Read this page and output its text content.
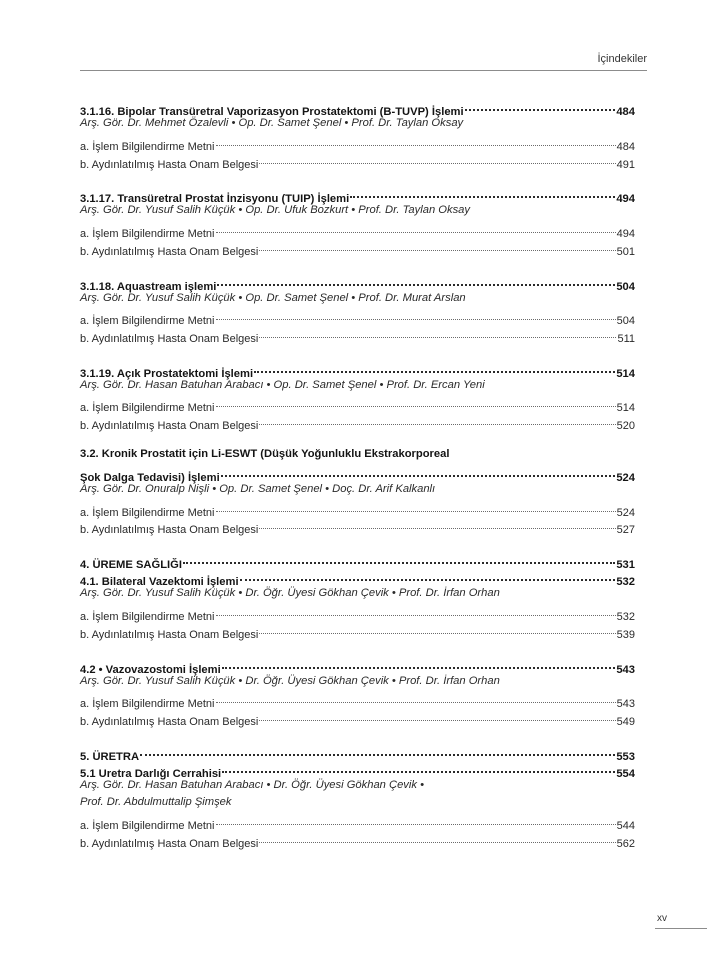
İçindekiler
3.1.16. Bipolar Transüretral Vaporizasyon Prostatektomi (B-TUVP) İşlemi	484
Arş. Gör. Dr. Mehmet Özalevli • Op. Dr. Samet Şenel • Prof. Dr. Taylan Oksay
a. İşlem Bilgilendirme Metni	484
b. Aydınlatılmış Hasta Onam Belgesi	491
3.1.17. Transüretral Prostat İnzisyonu (TUIP) İşlemi	494
Arş. Gör. Dr. Yusuf Salih Küçük • Op. Dr. Ufuk Bozkurt • Prof. Dr. Taylan Oksay
a. İşlem Bilgilendirme Metni	494
b. Aydınlatılmış Hasta Onam Belgesi	501
3.1.18. Aquastream işlemi	504
Arş. Gör. Dr. Yusuf Salih Küçük • Op. Dr. Samet Şenel • Prof. Dr. Murat Arslan
a. İşlem Bilgilendirme Metni	504
b. Aydınlatılmış Hasta Onam Belgesi	511
3.1.19. Açık Prostatektomi İşlemi	514
Arş. Gör. Dr. Hasan Batuhan Arabacı • Op. Dr. Samet Şenel • Prof. Dr. Ercan Yeni
a. İşlem Bilgilendirme Metni	514
b. Aydınlatılmış Hasta Onam Belgesi	520
3.2. Kronik Prostatit için Li-ESWT (Düşük Yoğunluklu Ekstrakorporeal
Şok Dalga Tedavisi) İşlemi	524
Arş. Gör. Dr. Onuralp Nişli • Op. Dr. Samet Şenel • Doç. Dr. Arif Kalkanlı
a. İşlem Bilgilendirme Metni	524
b. Aydınlatılmış Hasta Onam Belgesi	527
4. ÜREME SAĞLIĞI	531
4.1. Bilateral Vazektomi İşlemi	532
Arş. Gör. Dr. Yusuf Salih Küçük • Dr. Öğr. Üyesi Gökhan Çevik • Prof. Dr. İrfan Orhan
a. İşlem Bilgilendirme Metni	532
b. Aydınlatılmış Hasta Onam Belgesi	539
4.2 • Vazovazostomi İşlemi	543
Arş. Gör. Dr. Yusuf Salih Küçük • Dr. Öğr. Üyesi Gökhan Çevik • Prof. Dr. İrfan Orhan
a. İşlem Bilgilendirme Metni	543
b. Aydınlatılmış Hasta Onam Belgesi	549
5. ÜRETRA	553
5.1 Uretra Darlığı Cerrahisi	554
Arş. Gör. Dr. Hasan Batuhan Arabacı • Dr. Öğr. Üyesi Gökhan Çevik •
Prof. Dr. Abdulmuttalip Şimşek
a. İşlem Bilgilendirme Metni	544
b. Aydınlatılmış Hasta Onam Belgesi	562
xv
